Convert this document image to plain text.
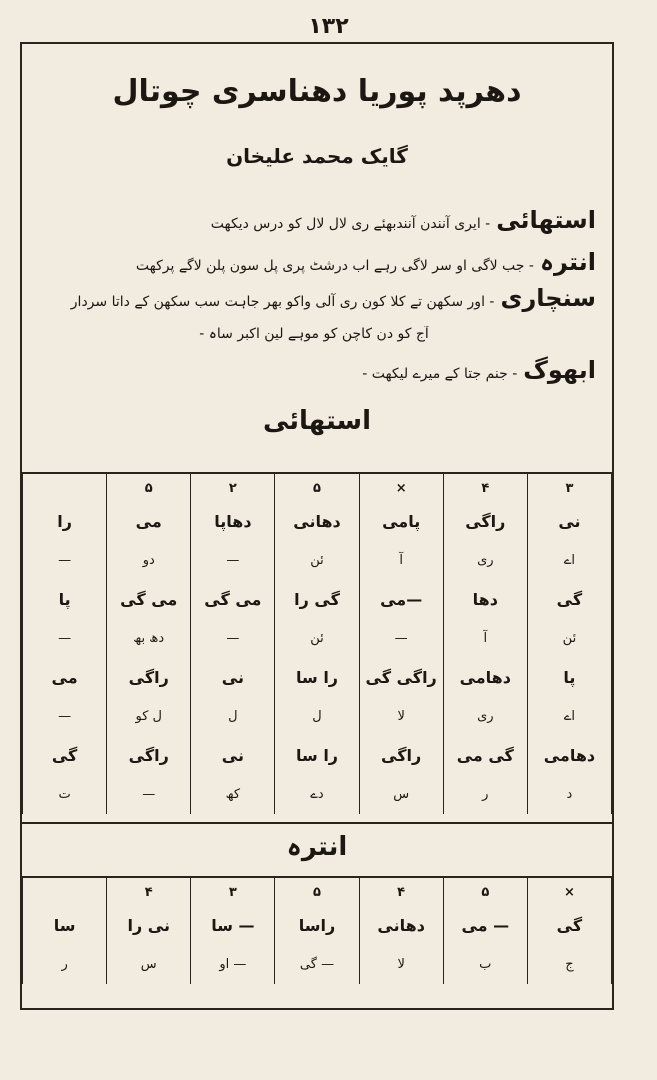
۱۳۲
دھرپد پوریا دھناسری چوتال
گایک محمد علیخان
استھائی- ایری آنندن آنندبھئے ری لال لال کو درس دیکھت
انترہ- جب لاگی او سر لاگی رہے اب درشٹ پری پل سون پلن لاگے پرکھت
سنچاری- اور سکھن تے کلا کون ری آلی واکو بھر جاہت سب سکھن کے داتا سردار
آج کو دن کاچن کو موہے لین اکبر ساہ -
ابھوگ- جنم جتا کے میرے لیکھت -
استھائی
۳	۴	×	۵	۲	۵	
نی	راگی	پامی	دھانی	دھاپا	می	را
اے	ری	آ	ئن	—	دو	—
گی	دھا	—می	گی را	می گی	می گی	پا
ئن	آ	—	ئن	—	دھ بھ	—
پا	دھامی	راگی گی	را سا	نی	راگی	می
اے	ری	لا	ل	ل	ل کو	—
دھامی	گی می	راگی	را سا	نی	راگی	گی
د	ر	س	دے	کھ	—	ت
انترہ
×	۵	۴	۵	۳	۴	
گی	— می	دھانی	راسا	— سا	نی را	سا
ج	ب	لا	— گی	— او	س	ر
